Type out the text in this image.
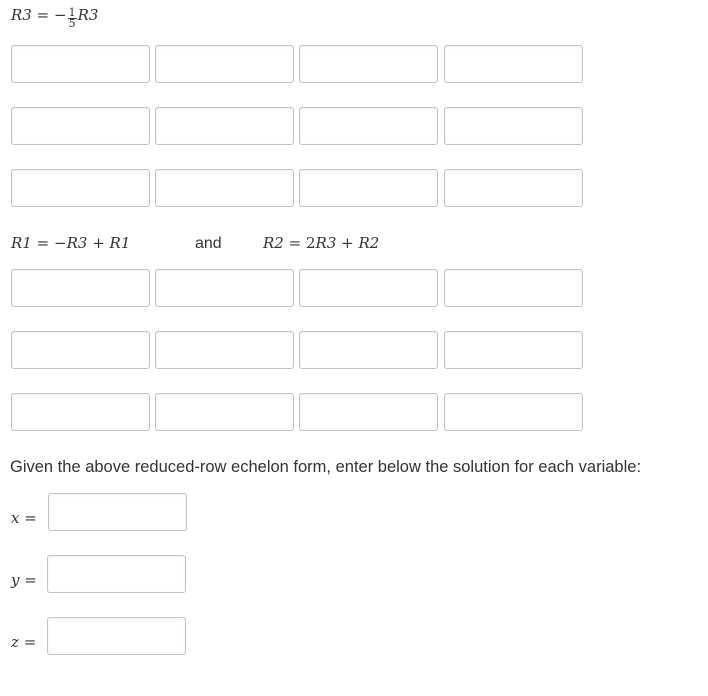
R3 = − $\frac{1}{5} R3$
R1 = −R3 + R1	and	R2 = 2R3 + R2
Given the above reduced-row echelon form, enter below the solution for each variable:
x =
y =
z =
